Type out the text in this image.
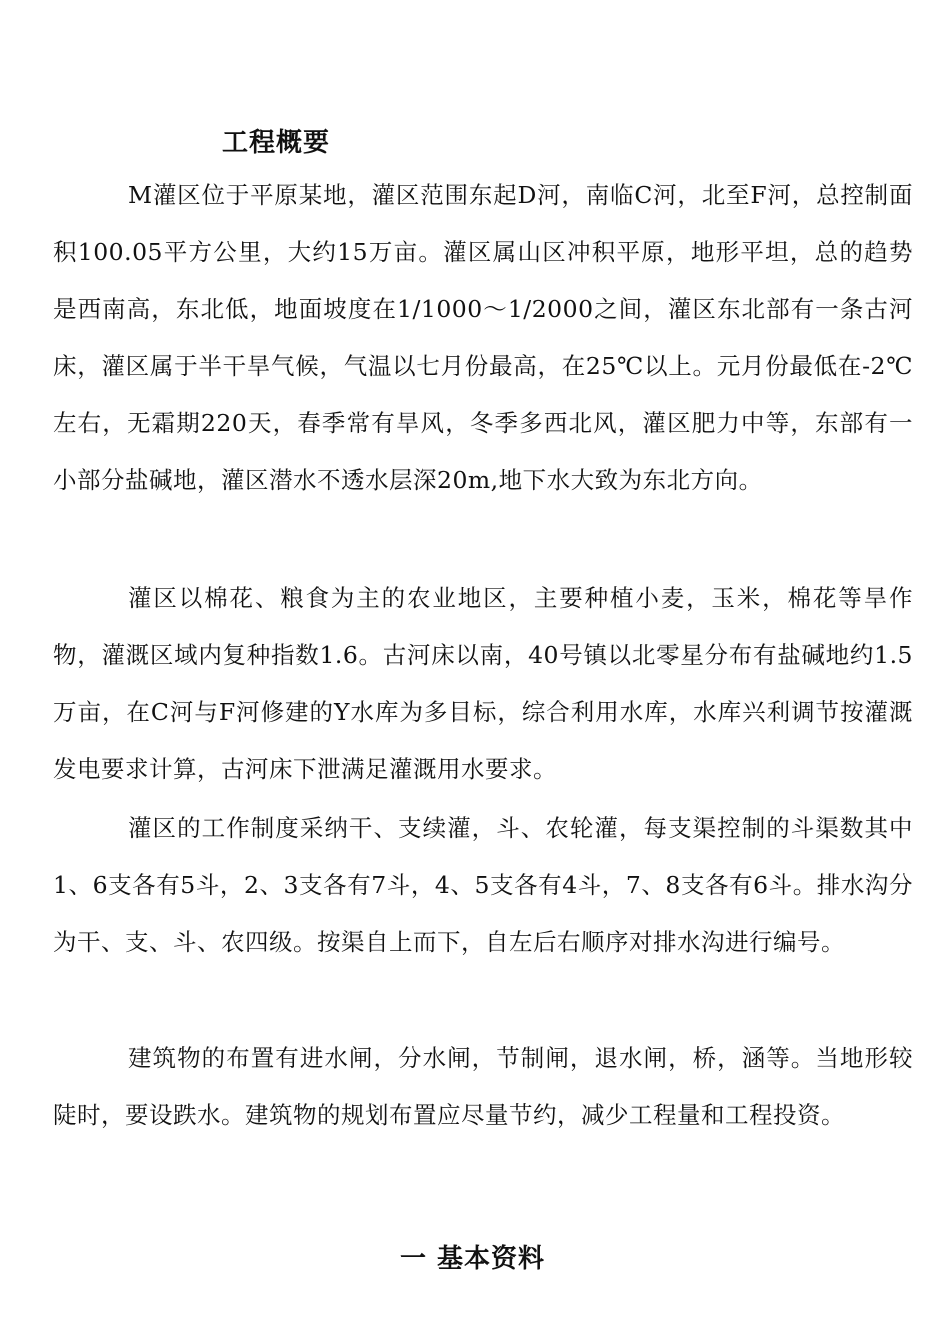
工程概要

M灌区位于平原某地，灌区范围东起D河，南临C河，北至F河，总控制面积100.05平方公里，大约15万亩。灌区属山区冲积平原，地形平坦，总的趋势是西南高，东北低，地面坡度在1/1000～1/2000之间，灌区东北部有一条古河床，灌区属于半干旱气候，气温以七月份最高，在25℃以上。元月份最低在-2℃左右，无霜期220天，春季常有旱风，冬季多西北风，灌区肥力中等，东部有一小部分盐碱地，灌区潜水不透水层深20m,地下水大致为东北方向。

灌区以棉花、粮食为主的农业地区，主要种植小麦，玉米，棉花等旱作物，灌溉区域内复种指数1.6。古河床以南，40号镇以北零星分布有盐碱地约1.5万亩，在C河与F河修建的Y水库为多目标，综合利用水库，水库兴利调节按灌溉发电要求计算，古河床下泄满足灌溉用水要求。

灌区的工作制度采纳干、支续灌，斗、农轮灌，每支渠控制的斗渠数其中1、6支各有5斗，2、3支各有7斗，4、5支各有4斗，7、8支各有6斗。排水沟分为干、支、斗、农四级。按渠自上而下，自左后右顺序对排水沟进行编号。

建筑物的布置有进水闸，分水闸，节制闸，退水闸，桥，涵等。当地形较陡时，要设跌水。建筑物的规划布置应尽量节约，减少工程量和工程投资。

一 基本资料
